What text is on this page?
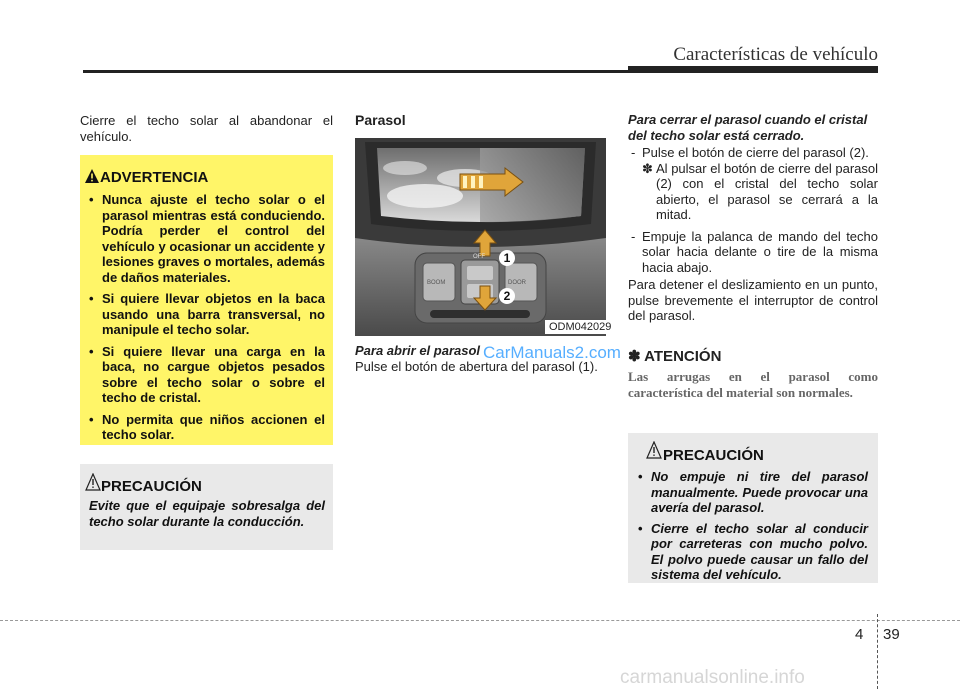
Características de vehículo
Cierre el techo solar al abandonar el vehículo.
ADVERTENCIA
• Nunca ajuste el techo solar o el parasol mientras está conduciendo. Podría perder el control del vehículo y ocasionar un accidente y lesiones graves o mortales, además de daños materiales.
• Si quiere llevar objetos en la baca usando una barra transversal, no manipule el techo solar.
• Si quiere llevar una carga en la baca, no cargue objetos pesados sobre el techo solar o sobre el techo de cristal.
• No permita que niños accionen el techo solar.
PRECAUCIÓN
Evite que el equipaje sobresalga del techo solar durante la conducción.
Parasol
BOOM	DOOR
OFF	1
2
ODM042029
Para abrir el parasol
Pulse el botón de abertura del parasol (1).
Para cerrar el parasol cuando el cristal del techo solar está cerrado.
- Pulse el botón de cierre del parasol (2).
✽ Al pulsar el botón de cierre del parasol (2) con el cristal del techo solar abierto, el parasol se cerrará a la mitad.
- Empuje la palanca de mando del techo solar hacia delante o tire de la misma hacia abajo.
Para detener el deslizamiento en un punto, pulse brevemente el interruptor de control del parasol.
✽ ATENCIÓN
Las arrugas en el parasol como característica del material son normales.
PRECAUCIÓN
• No empuje ni tire del parasol manualmente. Puede provocar una avería del parasol.
• Cierre el techo solar al conducir por carreteras con mucho polvo. El polvo puede causar un fallo del sistema del vehículo.
4 39
CarManuals2.com
carmanualsonline.info
